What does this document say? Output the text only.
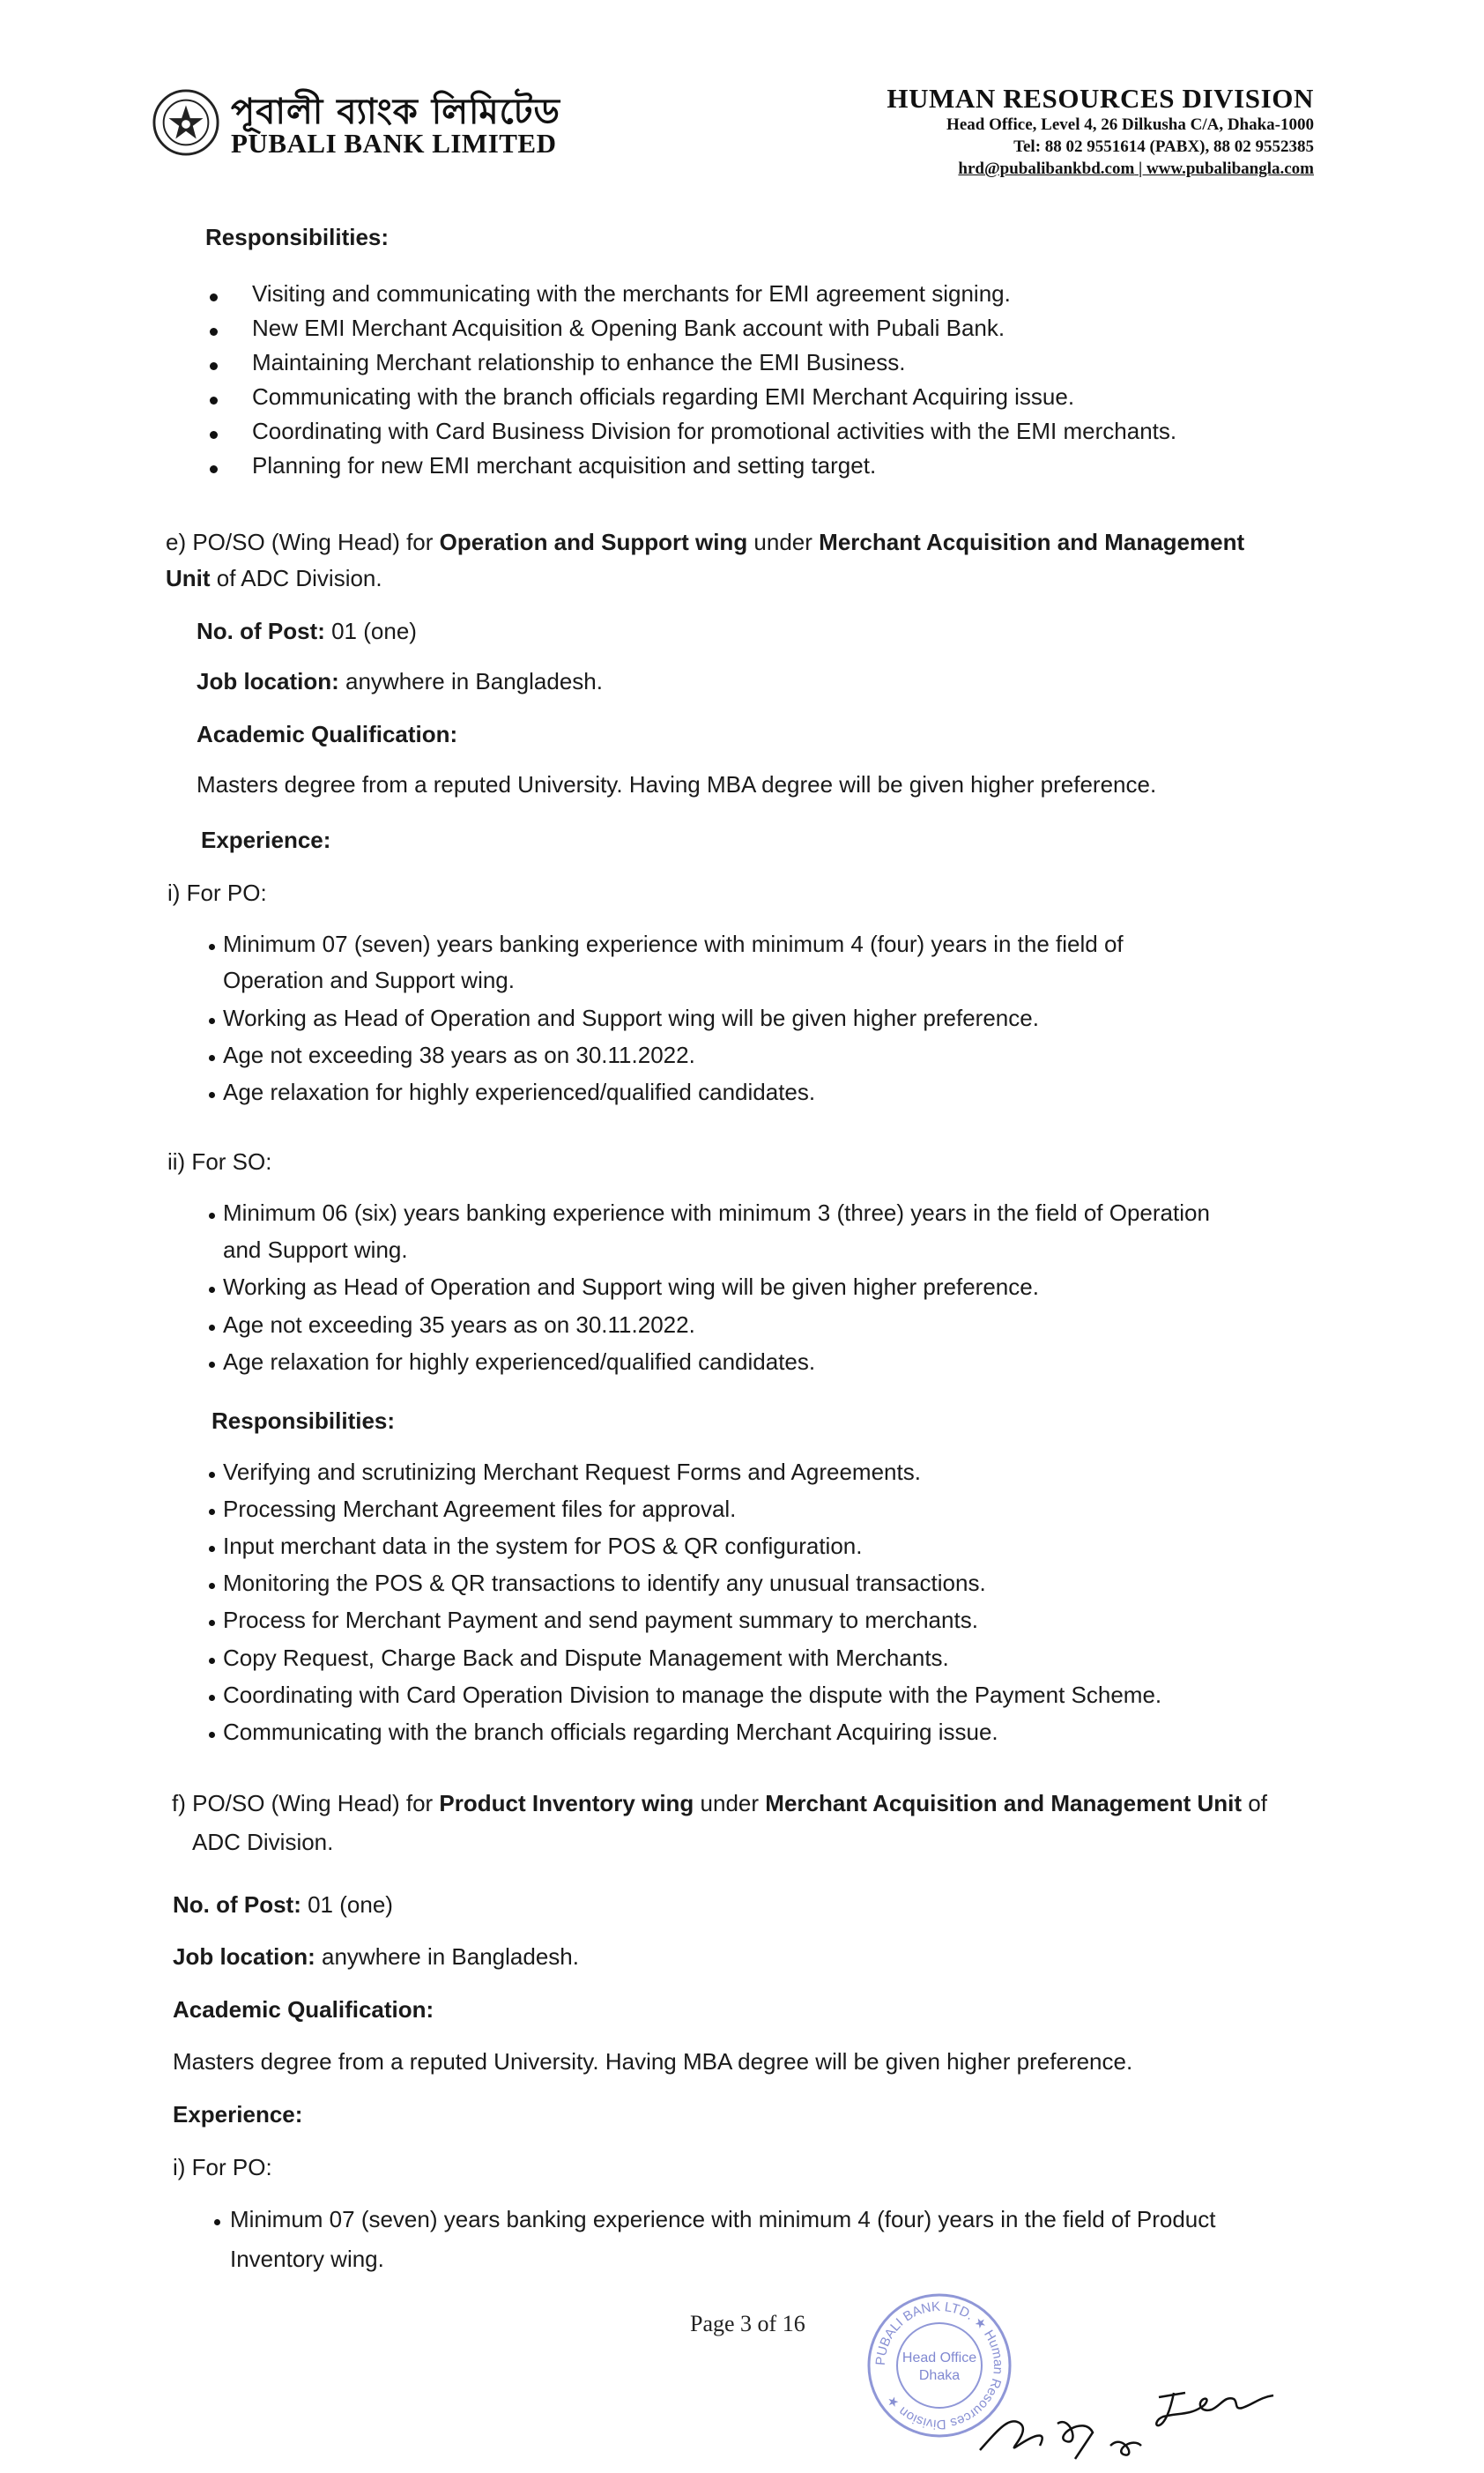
পূবালী ব্যাংক লিমিটেড
PUBALI BANK LIMITED
HUMAN RESOURCES DIVISION
Head Office, Level 4, 26 Dilkusha C/A, Dhaka-1000
Tel: 88 02 9551614 (PABX), 88 02 9552385
hrd@pubalibankbd.com | www.pubalibangla.com
Responsibilities:
Visiting and communicating with the merchants for EMI agreement signing.
New EMI Merchant Acquisition & Opening Bank account with Pubali Bank.
Maintaining Merchant relationship to enhance the EMI Business.
Communicating with the branch officials regarding EMI Merchant Acquiring issue.
Coordinating with Card Business Division for promotional activities with the EMI merchants.
Planning for new EMI merchant acquisition and setting target.
e) PO/SO (Wing Head) for Operation and Support wing under Merchant Acquisition and Management
Unit of ADC Division.
No. of Post: 01 (one)
Job location: anywhere in Bangladesh.
Academic Qualification:
Masters degree from a reputed University. Having MBA degree will be given higher preference.
Experience:
i) For PO:
Minimum 07 (seven) years banking experience with minimum 4 (four) years in the field of
Operation and Support wing.
Working as Head of Operation and Support wing will be given higher preference.
Age not exceeding 38 years as on 30.11.2022.
Age relaxation for highly experienced/qualified candidates.
ii) For SO:
Minimum 06 (six) years banking experience with minimum 3 (three) years in the field of Operation
and Support wing.
Working as Head of Operation and Support wing will be given higher preference.
Age not exceeding 35 years as on 30.11.2022.
Age relaxation for highly experienced/qualified candidates.
Responsibilities:
Verifying and scrutinizing Merchant Request Forms and Agreements.
Processing Merchant Agreement files for approval.
Input merchant data in the system for POS & QR configuration.
Monitoring the POS & QR transactions to identify any unusual transactions.
Process for Merchant Payment and send payment summary to merchants.
Copy Request, Charge Back and Dispute Management with Merchants.
Coordinating with Card Operation Division to manage the dispute with the Payment Scheme.
Communicating with the branch officials regarding Merchant Acquiring issue.
f) PO/SO (Wing Head) for Product Inventory wing under Merchant Acquisition and Management Unit of
ADC Division.
No. of Post: 01 (one)
Job location: anywhere in Bangladesh.
Academic Qualification:
Masters degree from a reputed University. Having MBA degree will be given higher preference.
Experience:
i) For PO:
Minimum 07 (seven) years banking experience with minimum 4 (four) years in the field of Product
Inventory wing.
Page 3 of 16
PUBALI BANK LTD. ★ Human Resources Division ★
Head Office
Dhaka
